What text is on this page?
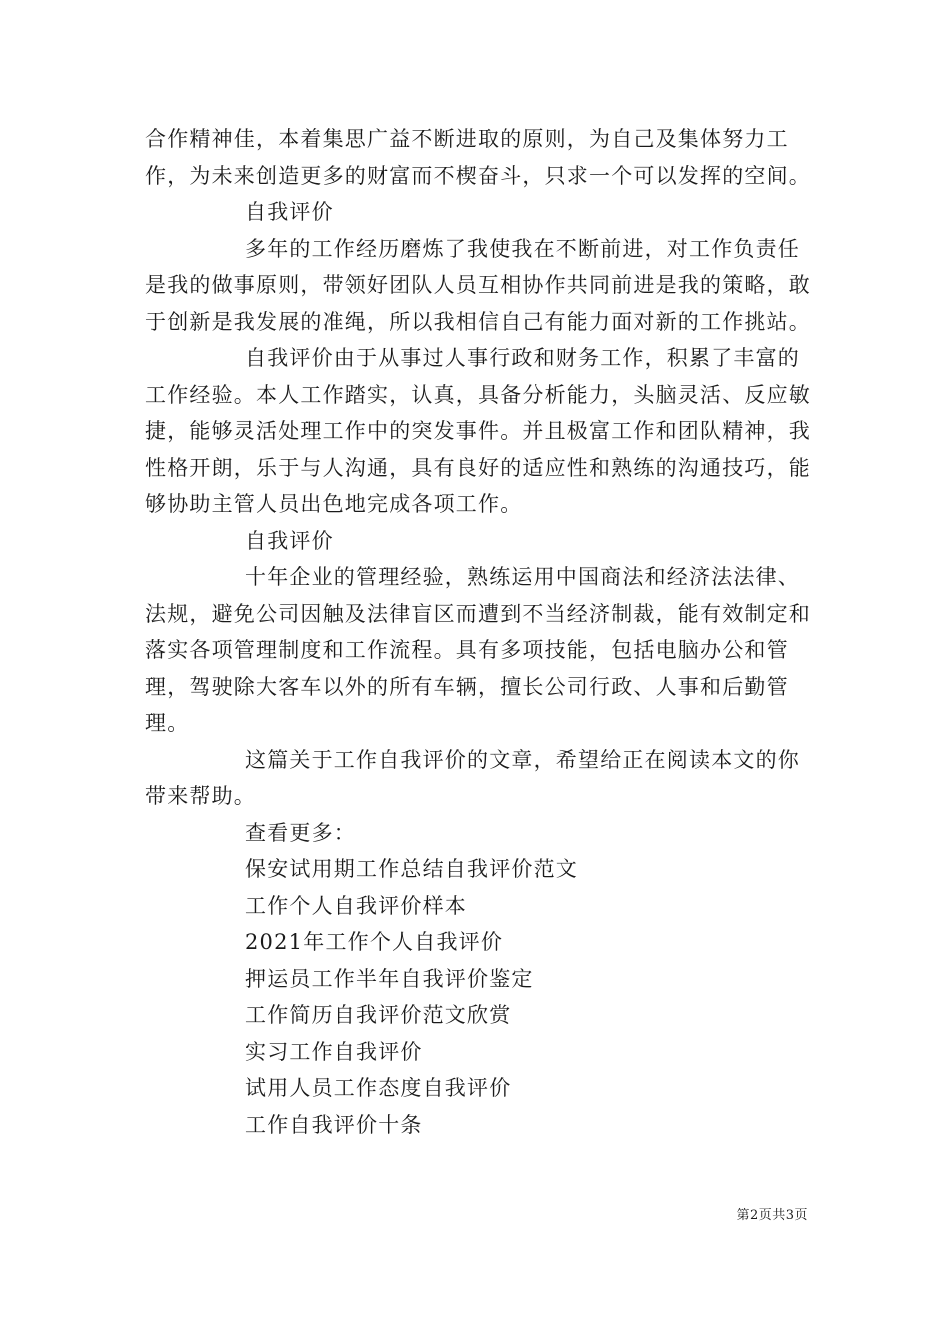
合作精神佳，本着集思广益不断进取的原则，为自己及集体努力工作，为未来创造更多的财富而不楔奋斗，只求一个可以发挥的空间。

自我评价

多年的工作经历磨炼了我使我在不断前进，对工作负责任是我的做事原则，带领好团队人员互相协作共同前进是我的策略，敢于创新是我发展的准绳，所以我相信自己有能力面对新的工作挑站。

自我评价由于从事过人事行政和财务工作，积累了丰富的工作经验。本人工作踏实，认真，具备分析能力，头脑灵活、反应敏捷，能够灵活处理工作中的突发事件。并且极富工作和团队精神，我性格开朗，乐于与人沟通，具有良好的适应性和熟练的沟通技巧，能够协助主管人员出色地完成各项工作。

自我评价

十年企业的管理经验，熟练运用中国商法和经济法法律、法规，避免公司因触及法律盲区而遭到不当经济制裁，能有效制定和落实各项管理制度和工作流程。具有多项技能，包括电脑办公和管理，驾驶除大客车以外的所有车辆，擅长公司行政、人事和后勤管理。

这篇关于工作自我评价的文章，希望给正在阅读本文的你带来帮助。

查看更多：

保安试用期工作总结自我评价范文
工作个人自我评价样本
2021年工作个人自我评价
押运员工作半年自我评价鉴定
工作简历自我评价范文欣赏
实习工作自我评价
试用人员工作态度自我评价
工作自我评价十条
第2页共3页
